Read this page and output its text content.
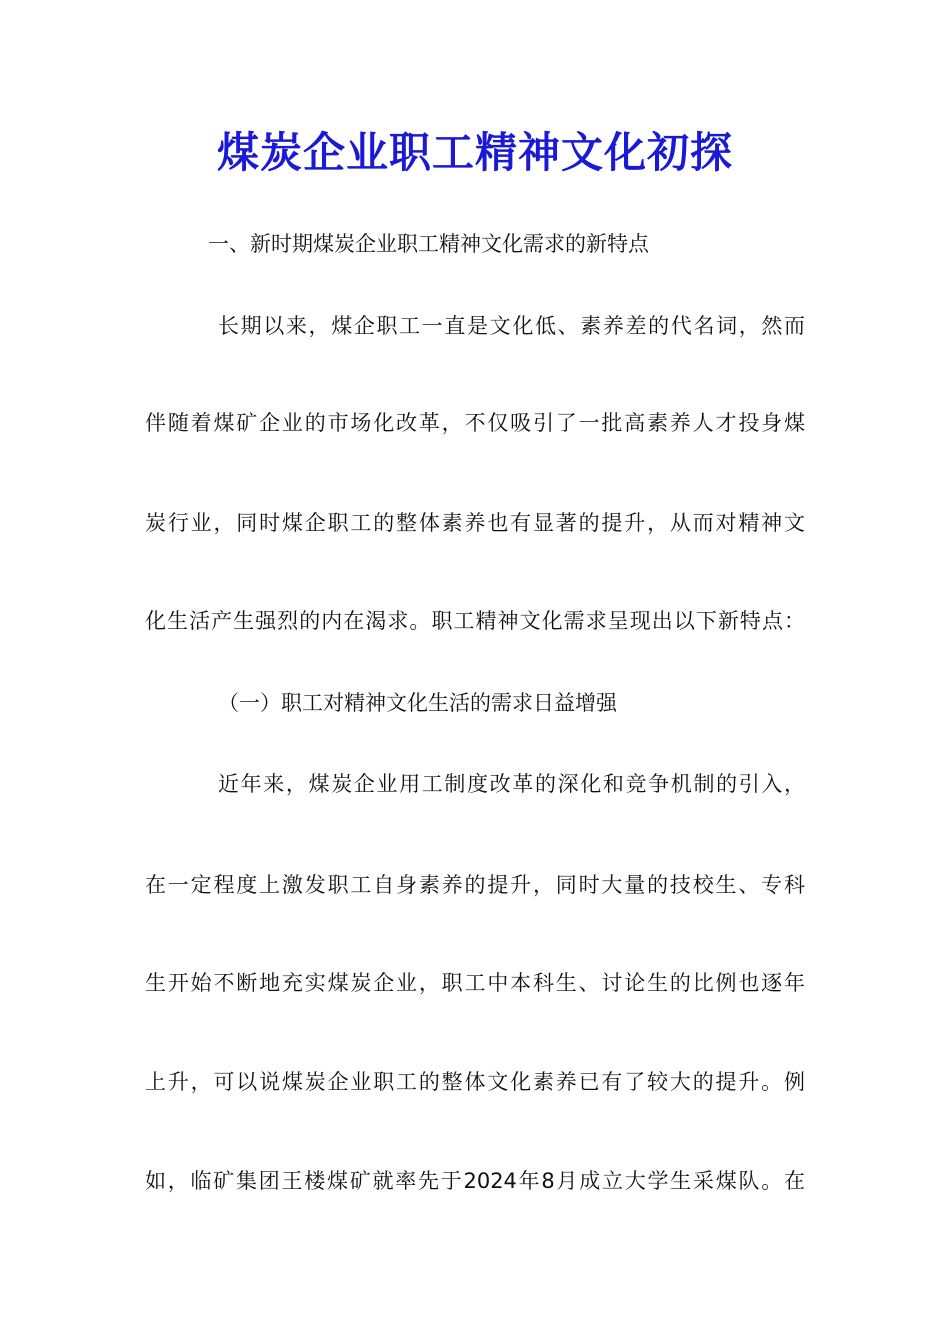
煤炭企业职工精神文化初探

一、新时期煤炭企业职工精神文化需求的新特点

长期以来，煤企职工一直是文化低、素养差的代名词，然而

伴随着煤矿企业的市场化改革，不仅吸引了一批高素养人才投身煤

炭行业，同时煤企职工的整体素养也有显著的提升，从而对精神文

化生活产生强烈的内在渴求。职工精神文化需求呈现出以下新特点：

（一）职工对精神文化生活的需求日益增强

近年来，煤炭企业用工制度改革的深化和竞争机制的引入，

在一定程度上激发职工自身素养的提升，同时大量的技校生、专科

生开始不断地充实煤炭企业，职工中本科生、讨论生的比例也逐年

上升，可以说煤炭企业职工的整体文化素养已有了较大的提升。例

如，临矿集团王楼煤矿就率先于2024年8月成立大学生采煤队。在
